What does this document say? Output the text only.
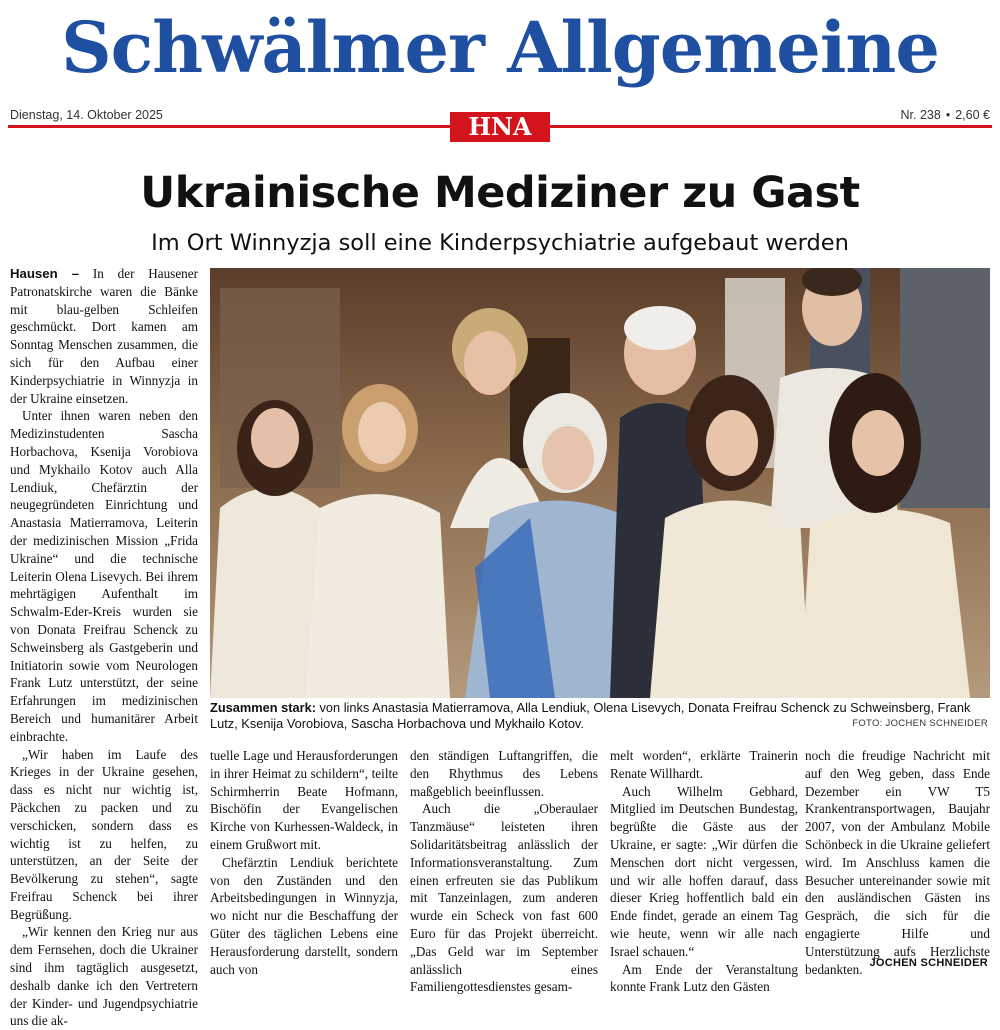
Schwälmer Allgemeine
Dienstag, 14. Oktober 2025	Nr. 238 • 2,60 €
HNA
Ukrainische Mediziner zu Gast
Im Ort Winnyzja soll eine Kinderpsychiatrie aufgebaut werden

Hausen – In der Hausener Patronatskirche waren die Bänke mit blau-gelben Schleifen geschmückt. Dort kamen am Sonntag Menschen zusammen, die sich für den Aufbau einer Kinderpsychiatrie in Winnyzja in der Ukraine einsetzen.

Unter ihnen waren neben den Medizinstudenten Sascha Horbachova, Ksenija Vorobiova und Mykhailo Kotov auch Alla Lendiuk, Chefärztin der neugegründeten Einrichtung und Anastasia Matierramova, Leiterin der medizinischen Mission „Frida Ukraine“ und die technische Leiterin Olena Lisevych. Bei ihrem mehrtägigen Aufenthalt im Schwalm-Eder-Kreis wurden sie von Donata Freifrau Schenck zu Schweinsberg als Gastgeberin und Initiatorin sowie vom Neurologen Frank Lutz unterstützt, der seine Erfahrungen im medizinischen Bereich und humanitärer Arbeit einbrachte.

„Wir haben im Laufe des Krieges in der Ukraine gesehen, dass es nicht nur wichtig ist, Päckchen zu packen und zu verschicken, sondern dass es wichtig ist zu helfen, zu unterstützen, an der Seite der Bevölkerung zu stehen“, sagte Freifrau Schenck bei ihrer Begrüßung.

„Wir kennen den Krieg nur aus dem Fernsehen, doch die Ukrainer sind ihm tagtäglich ausgesetzt, deshalb danke ich den Vertretern der Kinder- und Jugendpsychiatrie uns die ak-

Zusammen stark: von links Anastasia Matierramova, Alla Lendiuk, Olena Lisevych, Donata Freifrau Schenck zu Schweinsberg, Frank Lutz, Ksenija Vorobiova, Sascha Horbachova und Mykhailo Kotov.	FOTO: JOCHEN SCHNEIDER

tuelle Lage und Herausforderungen in ihrer Heimat zu schildern“, teilte Schirmherrin Beate Hofmann, Bischöfin der Evangelischen Kirche von Kurhessen-Waldeck, in einem Grußwort mit.

Chefärztin Lendiuk berichtete von den Zuständen und den Arbeitsbedingungen in Winnyzja, wo nicht nur die Beschaffung der Güter des täglichen Lebens eine Herausforderung darstellt, sondern auch von

den ständigen Luftangriffen, die den Rhythmus des Lebens maßgeblich beeinflussen.

Auch die „Oberaulaer Tanzmäuse“ leisteten ihren Solidaritätsbeitrag anlässlich der Informationsveranstaltung. Zum einen erfreuten sie das Publikum mit Tanzeinlagen, zum anderen wurde ein Scheck von fast 600 Euro für das Projekt überreicht. „Das Geld war im September anlässlich eines Familiengottesdienstes gesam-

melt worden“, erklärte Trainerin Renate Willhardt.

Auch Wilhelm Gebhard, Mitglied im Deutschen Bundestag, begrüßte die Gäste aus der Ukraine, er sagte: „Wir dürfen die Menschen dort nicht vergessen, und wir alle hoffen darauf, dass dieser Krieg hoffentlich bald ein Ende findet, gerade an einem Tag wie heute, wenn wir alle nach Israel schauen.“

Am Ende der Veranstaltung konnte Frank Lutz den Gästen

noch die freudige Nachricht mit auf den Weg geben, dass Ende Dezember ein VW T5 Krankentransportwagen, Baujahr 2007, von der Ambulanz Mobile Schönbeck in die Ukraine geliefert wird. Im Anschluss kamen die Besucher untereinander sowie mit den ausländischen Gästen ins Gespräch, die sich für die engagierte Hilfe und Unterstützung aufs Herzlichste bedankten. JOCHEN SCHNEIDER
